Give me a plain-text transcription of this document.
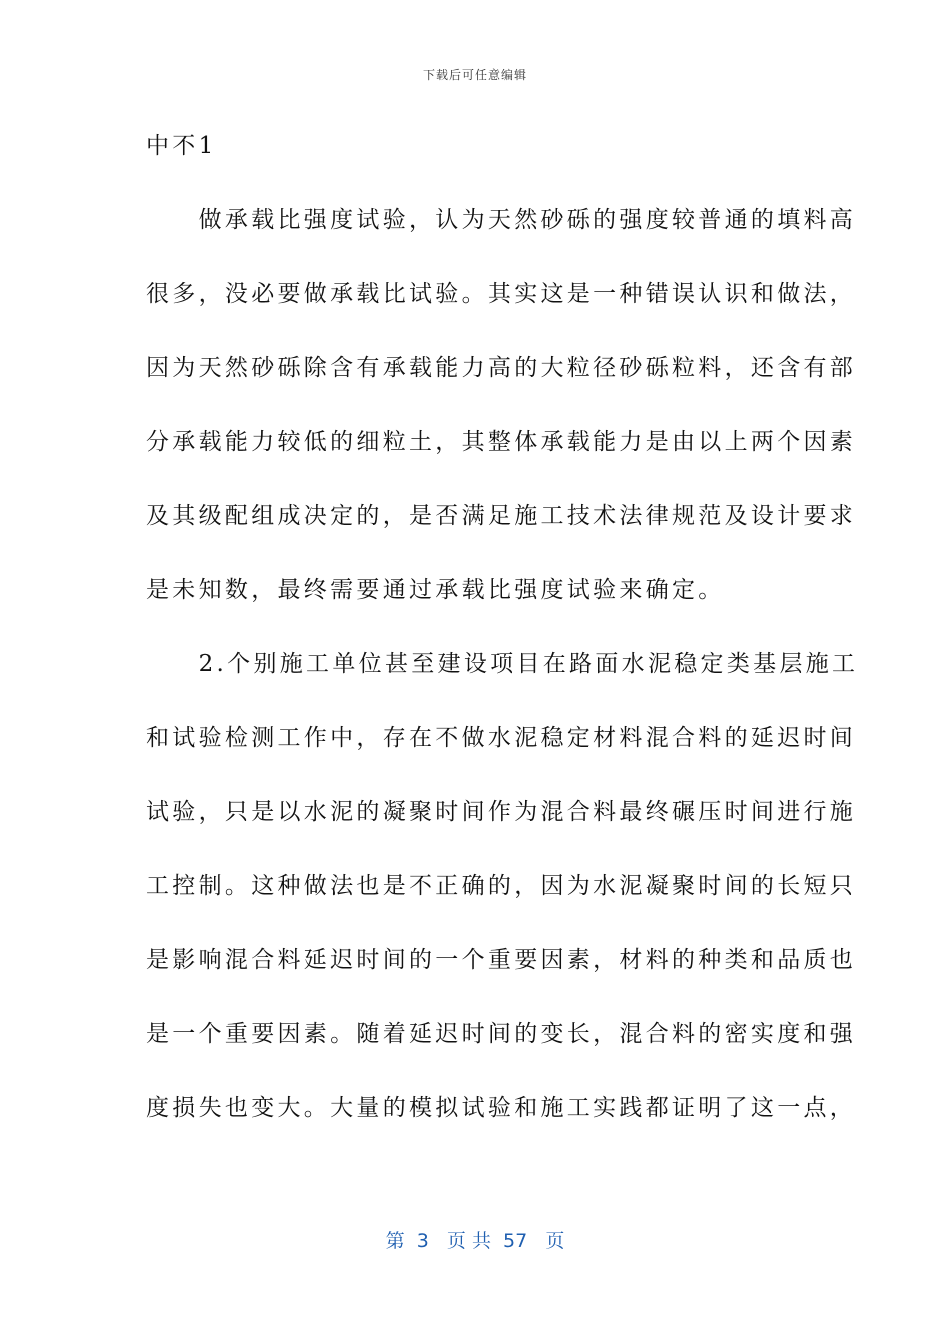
下载后可任意编辑
中不1
　　做承载比强度试验，认为天然砂砾的强度较普通的填料高
很多，没必要做承载比试验。其实这是一种错误认识和做法，
因为天然砂砾除含有承载能力高的大粒径砂砾粒料，还含有部
分承载能力较低的细粒土，其整体承载能力是由以上两个因素
及其级配组成决定的，是否满足施工技术法律规范及设计要求
是未知数，最终需要通过承载比强度试验来确定。
　　2.个别施工单位甚至建设项目在路面水泥稳定类基层施工
和试验检测工作中，存在不做水泥稳定材料混合料的延迟时间
试验，只是以水泥的凝聚时间作为混合料最终碾压时间进行施
工控制。这种做法也是不正确的，因为水泥凝聚时间的长短只
是影响混合料延迟时间的一个重要因素，材料的种类和品质也
是一个重要因素。随着延迟时间的变长，混合料的密实度和强
度损失也变大。大量的模拟试验和施工实践都证明了这一点，
第  3   页 共  57   页
